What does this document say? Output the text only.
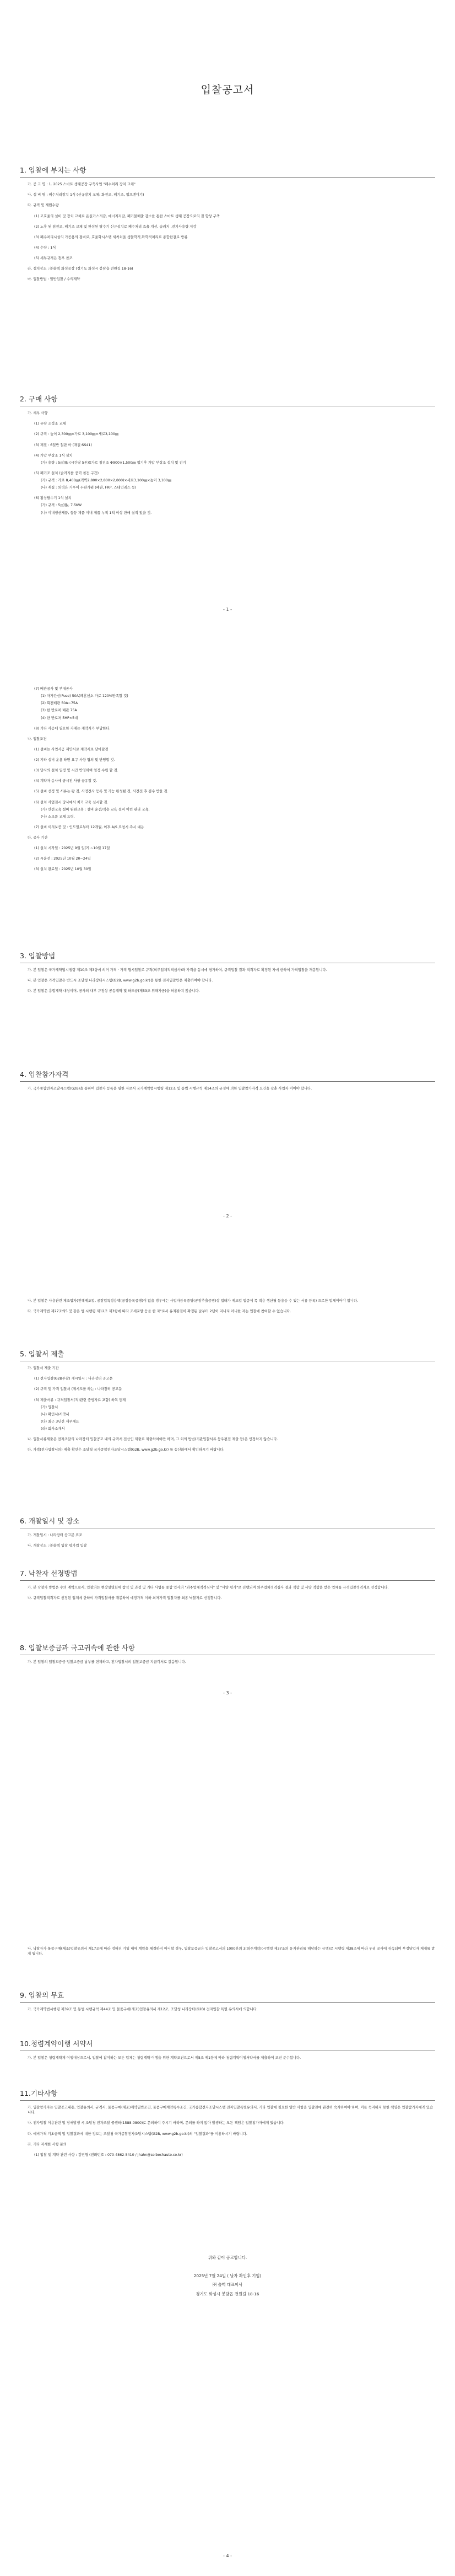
입찰공고서
1. 입찰에 부치는 사항
가. 공 고 명 : 1. 2025 스마트 생태공장 구축사업 "폐수처리 장치 교체"
나. 설 비 명 : 폐수처리장치 1식 (신규장치 교체: 화전조, 폐기조, 펌프밴디기)
다. 규격 및 제원수량
(1) 고효율의 설비 및 장치 교체로 온실가스저감, 에너지저감, 폐기물배출 감소를 통한 스마트 생태 공장으로의 질 향상 구축
(2) 노후 된 침전조, 폐기조 교체 및 완성된 탈수기 신규설치로 폐수처리 효율 개선, 슬러지 ,전기사용량 저감
(3) 폐수처리시설의 가공용의 점비로, 효율화시스템 세척처울 생물학적,화학적처리로 종합한결로 방류
(4) 수량 : 1식
(5) 세부규격은 첨부 참조
라. 설치장소 : ㈜솔벽 화성공장 (경기도 화성시 봉담읍 전원길 18-16)
마. 입찰방법 : 일반입찰 / 수의계약
2. 구매 사항
가. 세부 사양
(1) 유량 조정조 교체
(2) 규격 : 높이 2,300㎜×가로 3,100㎜×세로3,100㎜
(3) 재질 : 6일반 철판 아 (재질:SS41)
(4) 가압 부상조 1식 설치
(가) 용량 : 5㎥/㎐ (시간당 5톤)X가로 침전조 Φ900×1,500㎜ 펌기후 가압 부상조 설치 및 전기
(5) 폐기조 설치 (슬러지를 중력 침전 구간)
(가) 규격 : 가로 8,400㎜(격벽2,800×2,800×2,800)×세로3,100㎜×높이 3,100㎜
(나) 재질 : 외벽은 거푸미 두판가워 (폐판, FRP, 스테인레스 등)
(6) 펌상탈수기 1식 설치
(가) 규격 : 5㎥/㎐, 7.5KW
(나) 이내생산제품, 등등 제품 여내 제품 누적 1억 이상 판매 실적 있을 것.
- 1 -
(7) 배관공사 및 부대공사
(1) 자가간선(Fuse) 50A(폐훈선소 가로 120%만족할 것)
(2) 회전배관 50A~75A
(3) 한 반로처 배관 75A
(4) 한 반로처 5HP×5대
(8) 기타 사공에 필요한 자재는 계약자가 부담한다.
나. 입찰조건
(1) 설비는 사업사공 재안서로 계약서로 달마할것
(2) 기타 설비 운용 하면 요구 사항 협의 및 반영할 것.
(3) 당사의 설치 일정 및 시간 반영하여 일정 수립 할 것.
(4) 계약자 동사에 공시전 사항 공유할 것.
(5) 설비 선정 및 서류는 왕 것, 사정전사 등록 및 가능 완성될 것, 사전전 후 검수 받을 것.
(6) 설치 사업전시 당사에서 처기 교육 실시할 것.
(가) 안전교육 설비 원원교육 : 설비 운전/적용 교육 설비 이런 관리 교육,
(나) 소모품 교체 요령,
(7) 설비 이의보증 및 : 인도일로부터 12개월, 이후 A/S 요청시 즉시 대응
다. 공사 기간
(1) 설치 시작일 : 2025년 9월 일(?) ~10월 17일
(2) 시운전 : 2025년 10월 20~24일
(3) 설치 완료일 : 2025년 10월 30일
3. 입찰방법
가. 본 입찰은 국가계약법시행령 제10조 제3항에 의거 가격 · 가격 협시입찰로 규격(외주업체적격심사)과 가격을 동시에 평가하여, 규격입찰 결과 적격자로 확정된 자에 한하여 가격입찰을 개봉합니다.
나. 본 입찰은 가격입찰은 반드시 조달청 나라장터시스템(G2B, www.g2b.go.kr)을 통한 전자입찰만은 제출하여야 합니다.
다. 본 입찰은 총합계약 대상이며, 공사의 내부 규정상 공동계약 및 하도급(제53조 위해가공)을 허용하지 않습니다.
4. 입찰참가자격
가. 국가종합전자조달시스템(G2B)을 통하여 입찰자 등록을 필한 자로서 국가계약법시행령 제12조 및 동법 시행규칙 제14조의 규정에 의한 입찰참가자격 요건을 갖춘 사업자 이어야 합니다.
- 2 -
나. 본 입찰은 사용관련 제조업자(전해제조업, 공장업특정용액(공장등록증명)이 없을 경우에는 사업자등록증명(공장추출증빙)상 업태가 제조업 업종에 목 적용 생산될 등용등 수 있는 서류 등록) 으로한 업체이어야 합니다.
다. 국가계약법 제27조의5 및 같은 법 시행령 제12조 제3항에 따라 조세포탈 등을 한 자"로서 유죄판결이 확정된 날부터 2년이 지나지 아니한 자는 입찰에 참여할 수 없습니다.
5. 입찰서 제출
가. 입찰서 제출 기간
(1) 전자입찰(G2B투찰) 개시일시 : 나라장터 공고문
(2) 규격 및 가격 입찰서 (제시도를 하는 : 나라장터 공고문
(3) 제출서류 : 규격입찰서(적)관련 증빙자료 포함) 하목 등재
(가) 입찰서
(나) 확인서/서약서
(다) 최근 3년간 재무제표
(라) 회사소개서
나. 입찰서류제출은 전자조달의 나라장터 입찰공고 내의 규격서 전산인 제출로 제출하여야만 하며, 그 외의 방법(기관입찰서류 등우편접 제출 등)은 인정하지 않습니다.
다. 가격(전자입찰서의) 제출 확인은 조달청 국가종합전자조달시스템(G2B, www.g2b.go.kr) 를 송신화에서 확인하시기 바랍니다.
6. 개찰일시 및 장소
가. 개찰일시 : 나라장터 공고문 표조
나. 개찰장소 : ㈜솔벽 입찰 평가업 입찰
7. 낙찰자 선정방법
가. 본 낙찰자 방법은 수의 계약으로서, 입찰의는 현장설명회에 참석 및 과정 및 기타 사업를 종합 입사의 "외주업체적격심사" 및 "사양 평가"로 진행되며 외주업체적격심사 결과 적합 및 사양 적합을 받은 업체를 규격입찰적격자로 선정합니다.
나. 규격입찰적격자로 선정된 업체에 한하여 가격입찰서를 개봉하여 예정가격 이하 최저가격 입찰자를 최종 낙찰자로 선정합니다.
8. 입찰보증금과 국고귀속에 관한 사항
가. 본 입찰의 입찰보증금 입찰보증금 납부를 면제하고, 전자입찰서의 입찰보증금 지급각서로 갈음합니다.
- 3 -
나. 낙찰자가 물품구매(제조)입찰유의서 제17조에 따라 정해진 기일 내에 계약을 체결하지 아니할 경우, 입찰보증금은 입찰공고서의 1000분의 3(외주계약)(시행령 제37조의 유지관리를 해당하는 금액)로 시행령 제38조에 따라 우리 공사에 귀속되며 부정당업자 제재를 받게 됩니다.
9. 입찰의 무효
가. 국가계약법시행령 제39조 및 동법 시행규칙 제44조 및 물품구매(제조)입찰유의서 제12조, 조달청 나라장터(G2B) 전자입찰 특별 유의서에 의합니다.
10.청렴계약이행 서약서
가. 본 입찰은 청렴계약제 이행대상으로서, 입찰에 참여하는 모든 업체는 청렴계약 이행을 위한 계약조건으로서 제5조 제1항에 따라 청렴계약이행서약서를 제출하여 조건 준수합니다.
11.기타사항
가. 입찰참가자는 입찰공고내용, 입찰유의서, 규격서, 물품구매(제조)계약일반조건, 물품구매계약특수조건, 국가종합전자조달시스템 전자입찰특별유의서, 기타 입찰에 필요한 일반 사항을 입찰전에 완전히 숙지하여야 하며, 이를 숙지하지 못한 책임은 입찰참가자에게 있습니다.
나. 전자입찰 이용관련 및 장애발생 시 조달청 전자조달 콜센터(1588-0800)로 문의하여 주시기 바라며, 문의를 하지 않아 발생하는 모든 책임은 입찰참가자에게 있습니다.
다. 예비가격 기초금액 및 입찰결과에 대한 정보는 조달청 국가종합전자조달시스템(G2B, www.g2b.go.kr)의 "입찰결과"를 이용하시기 바랍니다.
라. 기타 자세한 사항 문의
(1) 입찰 및 계약 관련 사항 : 김민형 (전화번호 : 070-4862-5410 / jhahn@solbechauto.co.kr)
위와 같이 공고합니다.
2025년 7월 24일 ( 날자 확인후 기입)
㈜ 솔벽 대표이사
경기도 화성시 봉담읍 전원길 18-16
- 4 -
